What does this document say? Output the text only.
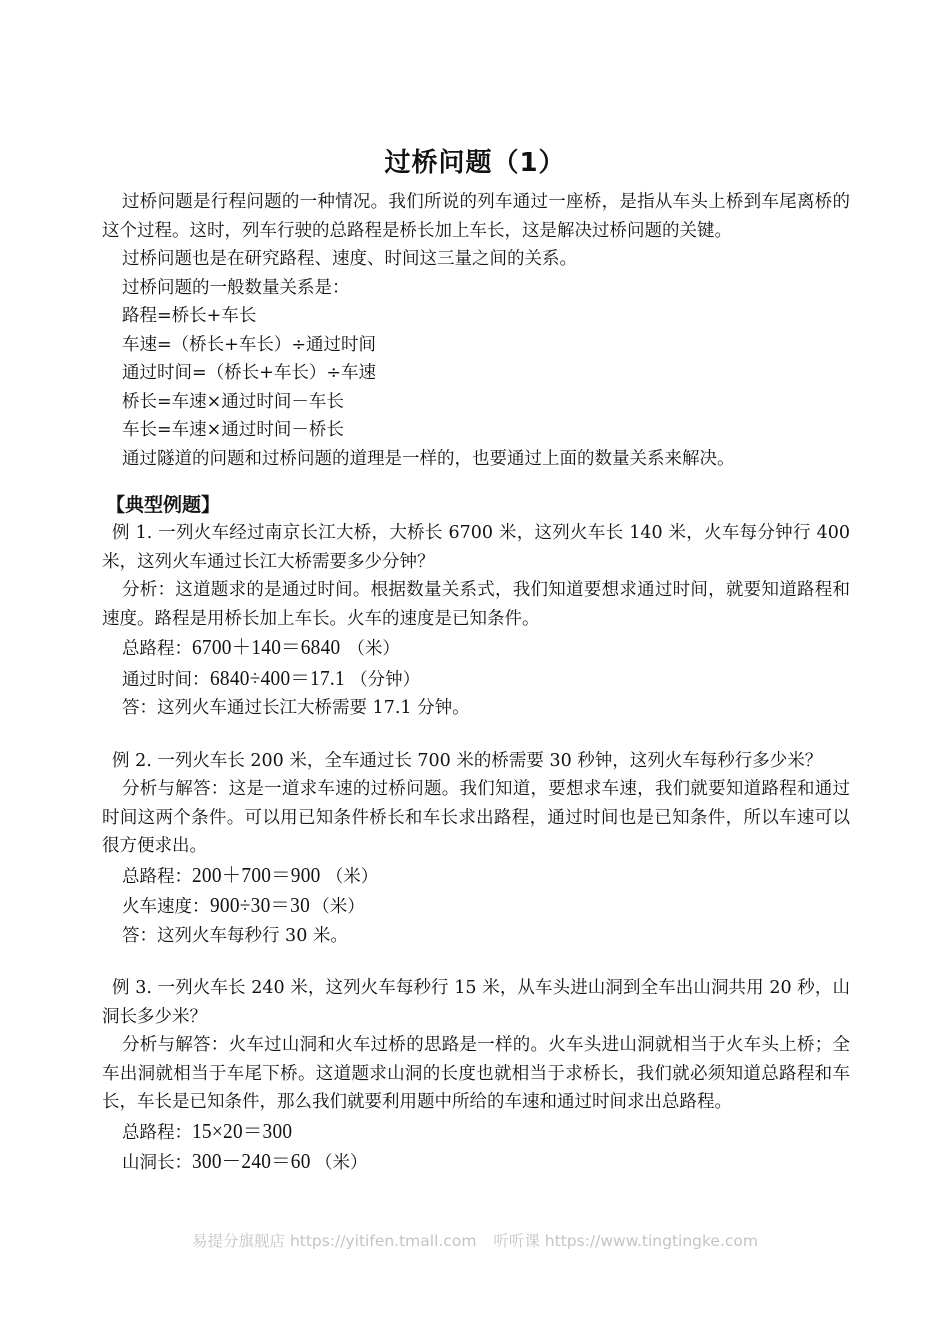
过桥问题（1）

过桥问题是行程问题的一种情况。我们所说的列车通过一座桥，是指从车头上桥到车尾离桥的这个过程。这时，列车行驶的总路程是桥长加上车长，这是解决过桥问题的关键。

过桥问题也是在研究路程、速度、时间这三量之间的关系。
过桥问题的一般数量关系是：
路程=桥长+车长
车速=（桥长+车长）÷通过时间
通过时间=（桥长+车长）÷车速
桥长=车速×通过时间－车长
车长=车速×通过时间－桥长
通过隧道的问题和过桥问题的道理是一样的，也要通过上面的数量关系来解决。
【典型例题】

例 1. 一列火车经过南京长江大桥，大桥长 6700 米，这列火车长 140 米，火车每分钟行 400 米，这列火车通过长江大桥需要多少分钟？

分析：这道题求的是通过时间。根据数量关系式，我们知道要想求通过时间，就要知道路程和速度。路程是用桥长加上车长。火车的速度是已知条件。

总路程：6700＋140＝6840 （米）
通过时间：6840÷400＝17.1 （分钟）
答：这列火车通过长江大桥需要 17.1 分钟。

例 2. 一列火车长 200 米，全车通过长 700 米的桥需要 30 秒钟，这列火车每秒行多少米？

分析与解答：这是一道求车速的过桥问题。我们知道，要想求车速，我们就要知道路程和通过时间这两个条件。可以用已知条件桥长和车长求出路程，通过时间也是已知条件，所以车速可以很方便求出。

总路程：200＋700＝900 （米）
火车速度：900÷30＝30 （米）
答：这列火车每秒行 30 米。

例 3. 一列火车长 240 米，这列火车每秒行 15 米，从车头进山洞到全车出山洞共用 20 秒，山洞长多少米？

分析与解答：火车过山洞和火车过桥的思路是一样的。火车头进山洞就相当于火车头上桥；全车出洞就相当于车尾下桥。这道题求山洞的长度也就相当于求桥长，我们就必须知道总路程和车长，车长是已知条件，那么我们就要利用题中所给的车速和通过时间求出总路程。

总路程：15×20＝300
山洞长：300－240＝60 （米）
易提分旗舰店 https://yitifen.tmall.com 听听课 https://www.tingtingke.com
